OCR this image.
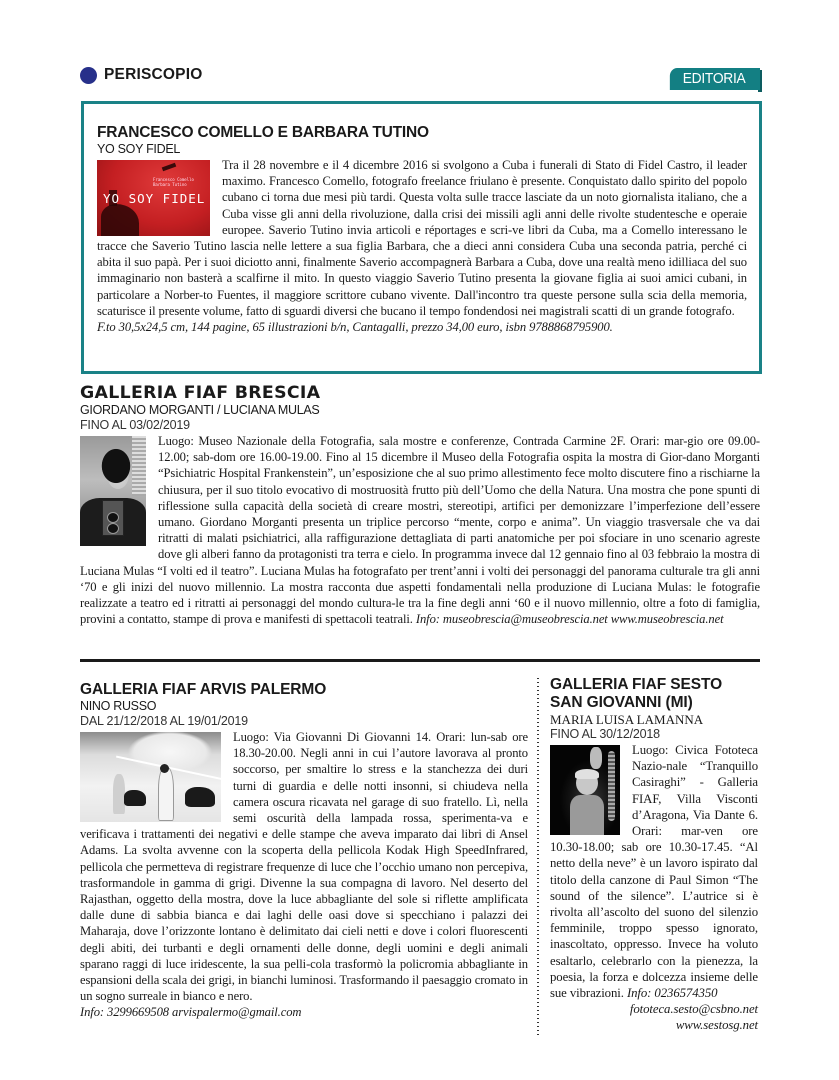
PERISCOPIO	EDITORIA
FRANCESCO COMELLO E BARBARA TUTINO

YO SOY FIDEL

Francesco Comello
Barbara Tutino
YO SOY FIDEL

Tra il 28 novembre e il 4 dicembre 2016 si svolgono a Cuba i funerali di Stato di Fidel Castro, il leader maximo. Francesco Comello, fotografo freelance friulano è presente. Conquistato dallo spirito del popolo cubano ci torna due mesi più tardi. Questa volta sulle tracce lasciate da un noto giornalista italiano, che a Cuba visse gli anni della rivoluzione, dalla crisi dei missili agli anni delle rivolte studentesche e operaie europee. Saverio Tutino invia articoli e réportages e scri-ve libri da Cuba, ma a Comello interessano le tracce che Saverio Tutino lascia nelle lettere a sua figlia Barbara, che a dieci anni considera Cuba una seconda patria, perché ci abita il suo papà. Per i suoi diciotto anni, finalmente Saverio accompagnerà Barbara a Cuba, dove una realtà meno idilliaca del suo immaginario non basterà a scalfirne il mito. In questo viaggio Saverio Tutino presenta la giovane figlia ai suoi amici cubani, in particolare a Norber-to Fuentes, il maggiore scrittore cubano vivente. Dall'incontro tra queste persone sulla scia della memoria, scaturisce il presente volume, fatto di sguardi diversi che bucano il tempo fondendosi nei magistrali scatti di un grande fotografo.
F.to 30,5x24,5 cm, 144 pagine, 65 illustrazioni b/n, Cantagalli, prezzo 34,00 euro, isbn 9788868795900.

GALLERIA FIAF BRESCIA

GIORDANO MORGANTI / LUCIANA MULAS

FINO AL 03/02/2019

Luogo: Museo Nazionale della Fotografia, sala mostre e conferenze, Contrada Carmine 2F. Orari: mar-gio ore 09.00-12.00; sab-dom ore 16.00-19.00. Fino al 15 dicembre il Museo della Fotografia ospita la mostra di Gior-dano Morganti “Psichiatric Hospital Frankenstein”, un’esposizione che al suo primo allestimento fece molto discutere fino a rischiarne la chiusura, per il suo titolo evocativo di mostruosità frutto più dell’Uomo che della Natura. Una mostra che pone spunti di riflessione sulla capacità della società di creare mostri, stereotipi, artifici per demonizzare l’imperfezione dell’essere umano. Giordano Morganti presenta un triplice percorso “mente, corpo e anima”. Un viaggio trasversale che va dai ritratti di malati psichiatrici, alla raffigurazione dettagliata di parti anatomiche per poi sfociare in uno scenario agreste dove gli alberi fanno da protagonisti tra terra e cielo. In programma invece dal 12 gennaio fino al 03 febbraio la mostra di Luciana Mulas “I volti ed il teatro”. Luciana Mulas ha fotografato per trent’anni i volti dei personaggi del panorama culturale tra gli anni ‘70 e gli inizi del nuovo millennio. La mostra racconta due aspetti fondamentali nella produzione di Luciana Mulas: le fotografie realizzate a teatro ed i ritratti ai personaggi del mondo cultura-le tra la fine degli anni ‘60 e il nuovo millennio, oltre a foto di famiglia, provini a contatto, stampe di prova e manifesti di spettacoli teatrali. Info: museobrescia@museobrescia.net www.museobrescia.net

GALLERIA FIAF ARVIS PALERMO

NINO RUSSO

DAL 21/12/2018 AL 19/01/2019

Luogo: Via Giovanni Di Giovanni 14. Orari: lun-sab ore 18.30-20.00. Negli anni in cui l’autore lavorava al pronto soccorso, per smaltire lo stress e la stanchezza dei duri turni di guardia e delle notti insonni, si chiudeva nella camera oscura ricavata nel garage di suo fratello. Lì, nella semi oscurità della lampada rossa, sperimenta-va e verificava i trattamenti dei negativi e delle stampe che aveva imparato dai libri di Ansel Adams. La svolta avvenne con la scoperta della pellicola Kodak High SpeedInfrared, pellicola che permetteva di registrare frequenze di luce che l’occhio umano non percepiva, trasformandole in gamma di grigi. Divenne la sua compagna di lavoro. Nel deserto del Rajasthan, oggetto della mostra, dove la luce abbagliante del sole si riflette amplificata dalle dune di sabbia bianca e dai laghi delle oasi dove si specchiano i palazzi dei Maharaja, dove l’orizzonte lontano è delimitato dai cieli netti e dove i colori fluorescenti degli abiti, dei turbanti e degli ornamenti delle donne, degli uomini e degli animali sparano raggi di luce iridescente, la sua pelli-cola trasformò la policromia abbagliante in espansioni della scala dei grigi, in bianchi luminosi. Trasformando il paesaggio cromato in un sogno surreale in bianco e nero.
Info: 3299669508 arvispalermo@gmail.com

GALLERIA FIAF SESTO SAN GIOVANNI (MI)

MARIA LUISA LAMANNA

FINO AL 30/12/2018

Luogo: Civica Fototeca Nazio-nale “Tranquillo Casiraghi” - Galleria FIAF, Villa Visconti d’Aragona, Via Dante 6. Orari: mar-ven ore 10.30-18.00; sab ore 10.30-17.45. “Al netto della neve” è un lavoro ispirato dal titolo della canzone di Paul Simon “The sound of the silence”. L’autrice si è rivolta all’ascolto del suono del silenzio femminile, troppo spesso ignorato, inascoltato, oppresso. Invece ha voluto esaltarlo, celebrarlo con la pienezza, la poesia, la forza e dolcezza insieme delle sue vibrazioni. Info: 0236574350

fototeca.sesto@csbno.net www.sestosg.net
